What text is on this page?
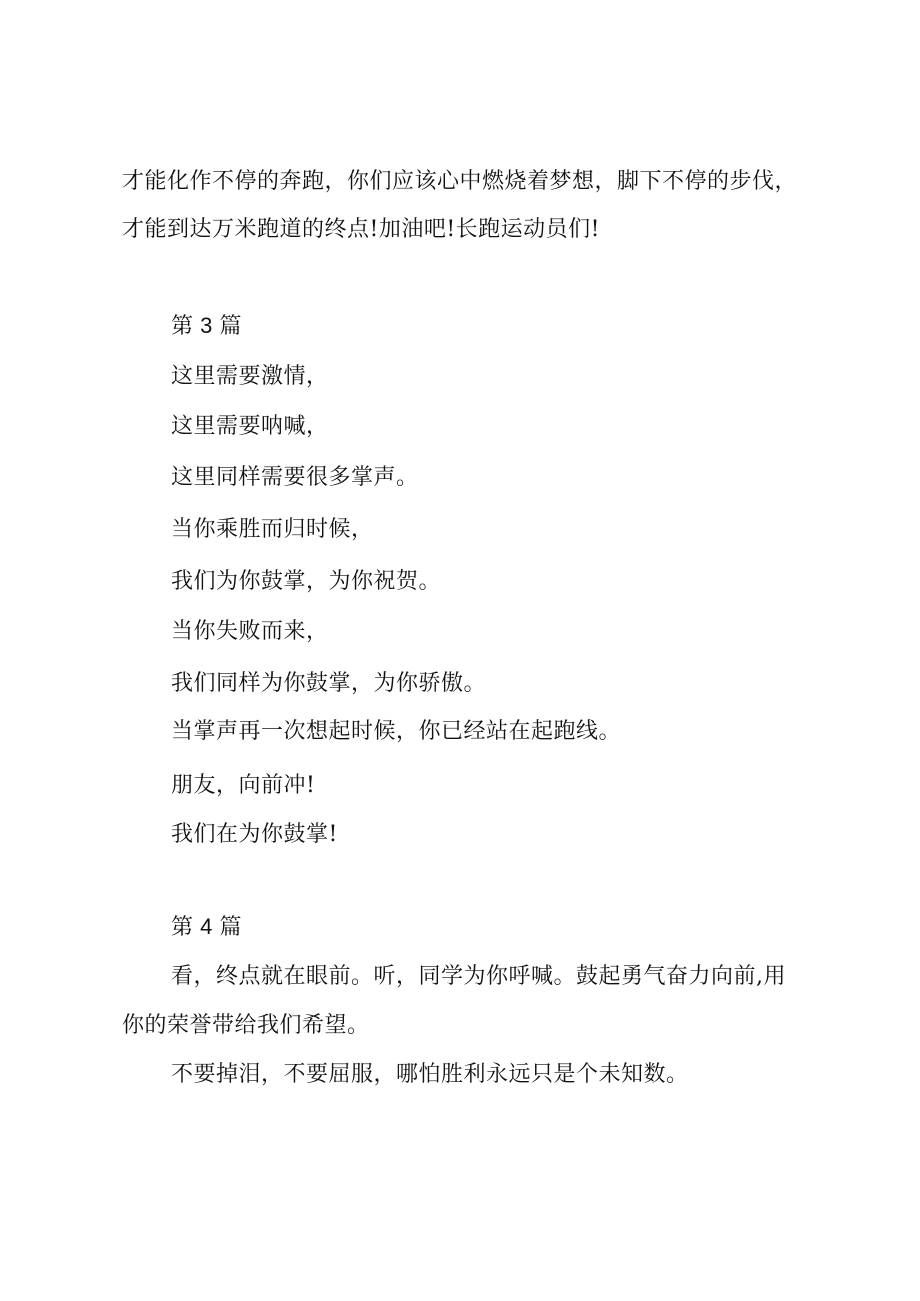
才能化作不停的奔跑，你们应该心中燃烧着梦想，脚下不停的步伐，
才能到达万米跑道的终点!加油吧!长跑运动员们!
第 3 篇
这里需要激情，
这里需要呐喊，
这里同样需要很多掌声。
当你乘胜而归时候，
我们为你鼓掌，为你祝贺。
当你失败而来，
我们同样为你鼓掌，为你骄傲。
当掌声再一次想起时候，你已经站在起跑线。
朋友，向前冲!
我们在为你鼓掌!
第 4 篇
看，终点就在眼前。听，同学为你呼喊。鼓起勇气奋力向前,用
你的荣誉带给我们希望。
不要掉泪，不要屈服，哪怕胜利永远只是个未知数。
